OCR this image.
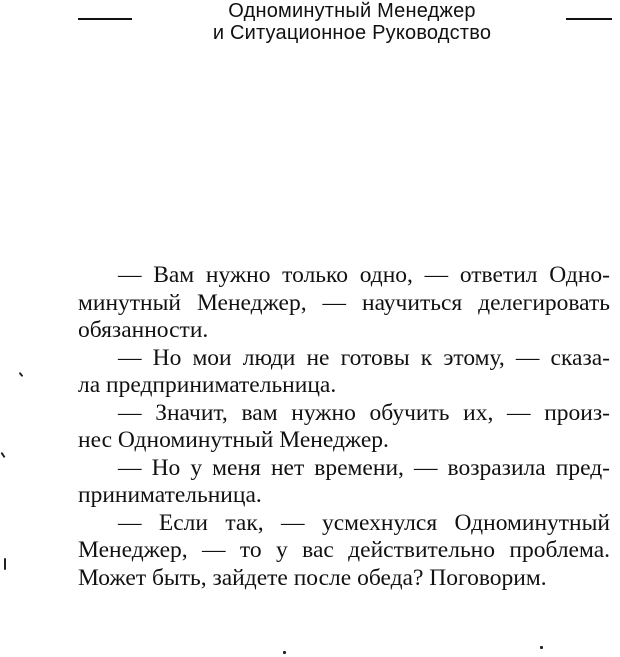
Одноминутный Менеджер
и Ситуационное Руководство
— Вам нужно только одно, — ответил Одно-
минутный Менеджер, — научиться делегировать
обязанности.
— Но мои люди не готовы к этому, — сказа-
ла предпринимательница.
— Значит, вам нужно обучить их, — произ-
нес Одноминутный Менеджер.
— Но у меня нет времени, — возразила пред-
принимательница.
— Если так, — усмехнулся Одноминутный
Менеджер, — то у вас действительно проблема.
Может быть, зайдете после обеда? Поговорим.
